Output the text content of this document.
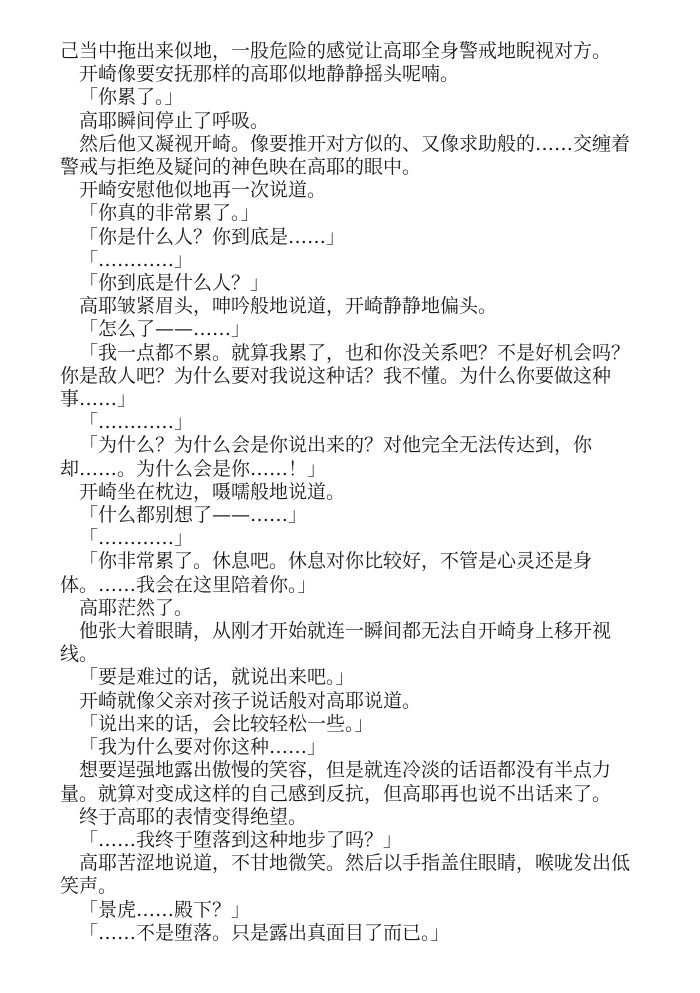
己当中拖出来似地，一股危险的感觉让高耶全身警戒地睨视对方。

开崎像要安抚那样的高耶似地静静摇头呢喃。

「你累了。」

高耶瞬间停止了呼吸。

然后他又凝视开崎。像要推开对方似的、又像求助般的……交缠着警戒与拒绝及疑问的神色映在高耶的眼中。

开崎安慰他似地再一次说道。

「你真的非常累了。」

「你是什么人？你到底是……」

「…………」

「你到底是什么人？」

高耶皱紧眉头，呻吟般地说道，开崎静静地偏头。

「怎么了——……」

「我一点都不累。就算我累了，也和你没关系吧？不是好机会吗？你是敌人吧？为什么要对我说这种话？我不懂。为什么你要做这种事……」

「…………」

「为什么？为什么会是你说出来的？对他完全无法传达到，你却……。为什么会是你……！」

开崎坐在枕边，嗫嚅般地说道。

「什么都别想了——……」

「…………」

「你非常累了。休息吧。休息对你比较好，不管是心灵还是身体。……我会在这里陪着你。」

高耶茫然了。

他张大着眼睛，从刚才开始就连一瞬间都无法自开崎身上移开视线。

「要是难过的话，就说出来吧。」

开崎就像父亲对孩子说话般对高耶说道。

「说出来的话，会比较轻松一些。」

「我为什么要对你这种……」

想要逞强地露出傲慢的笑容，但是就连冷淡的话语都没有半点力量。就算对变成这样的自己感到反抗，但高耶再也说不出话来了。

终于高耶的表情变得绝望。

「……我终于堕落到这种地步了吗？」

高耶苦涩地说道，不甘地微笑。然后以手指盖住眼睛，喉咙发出低笑声。

「景虎……殿下？」

「……不是堕落。只是露出真面目了而已。」
